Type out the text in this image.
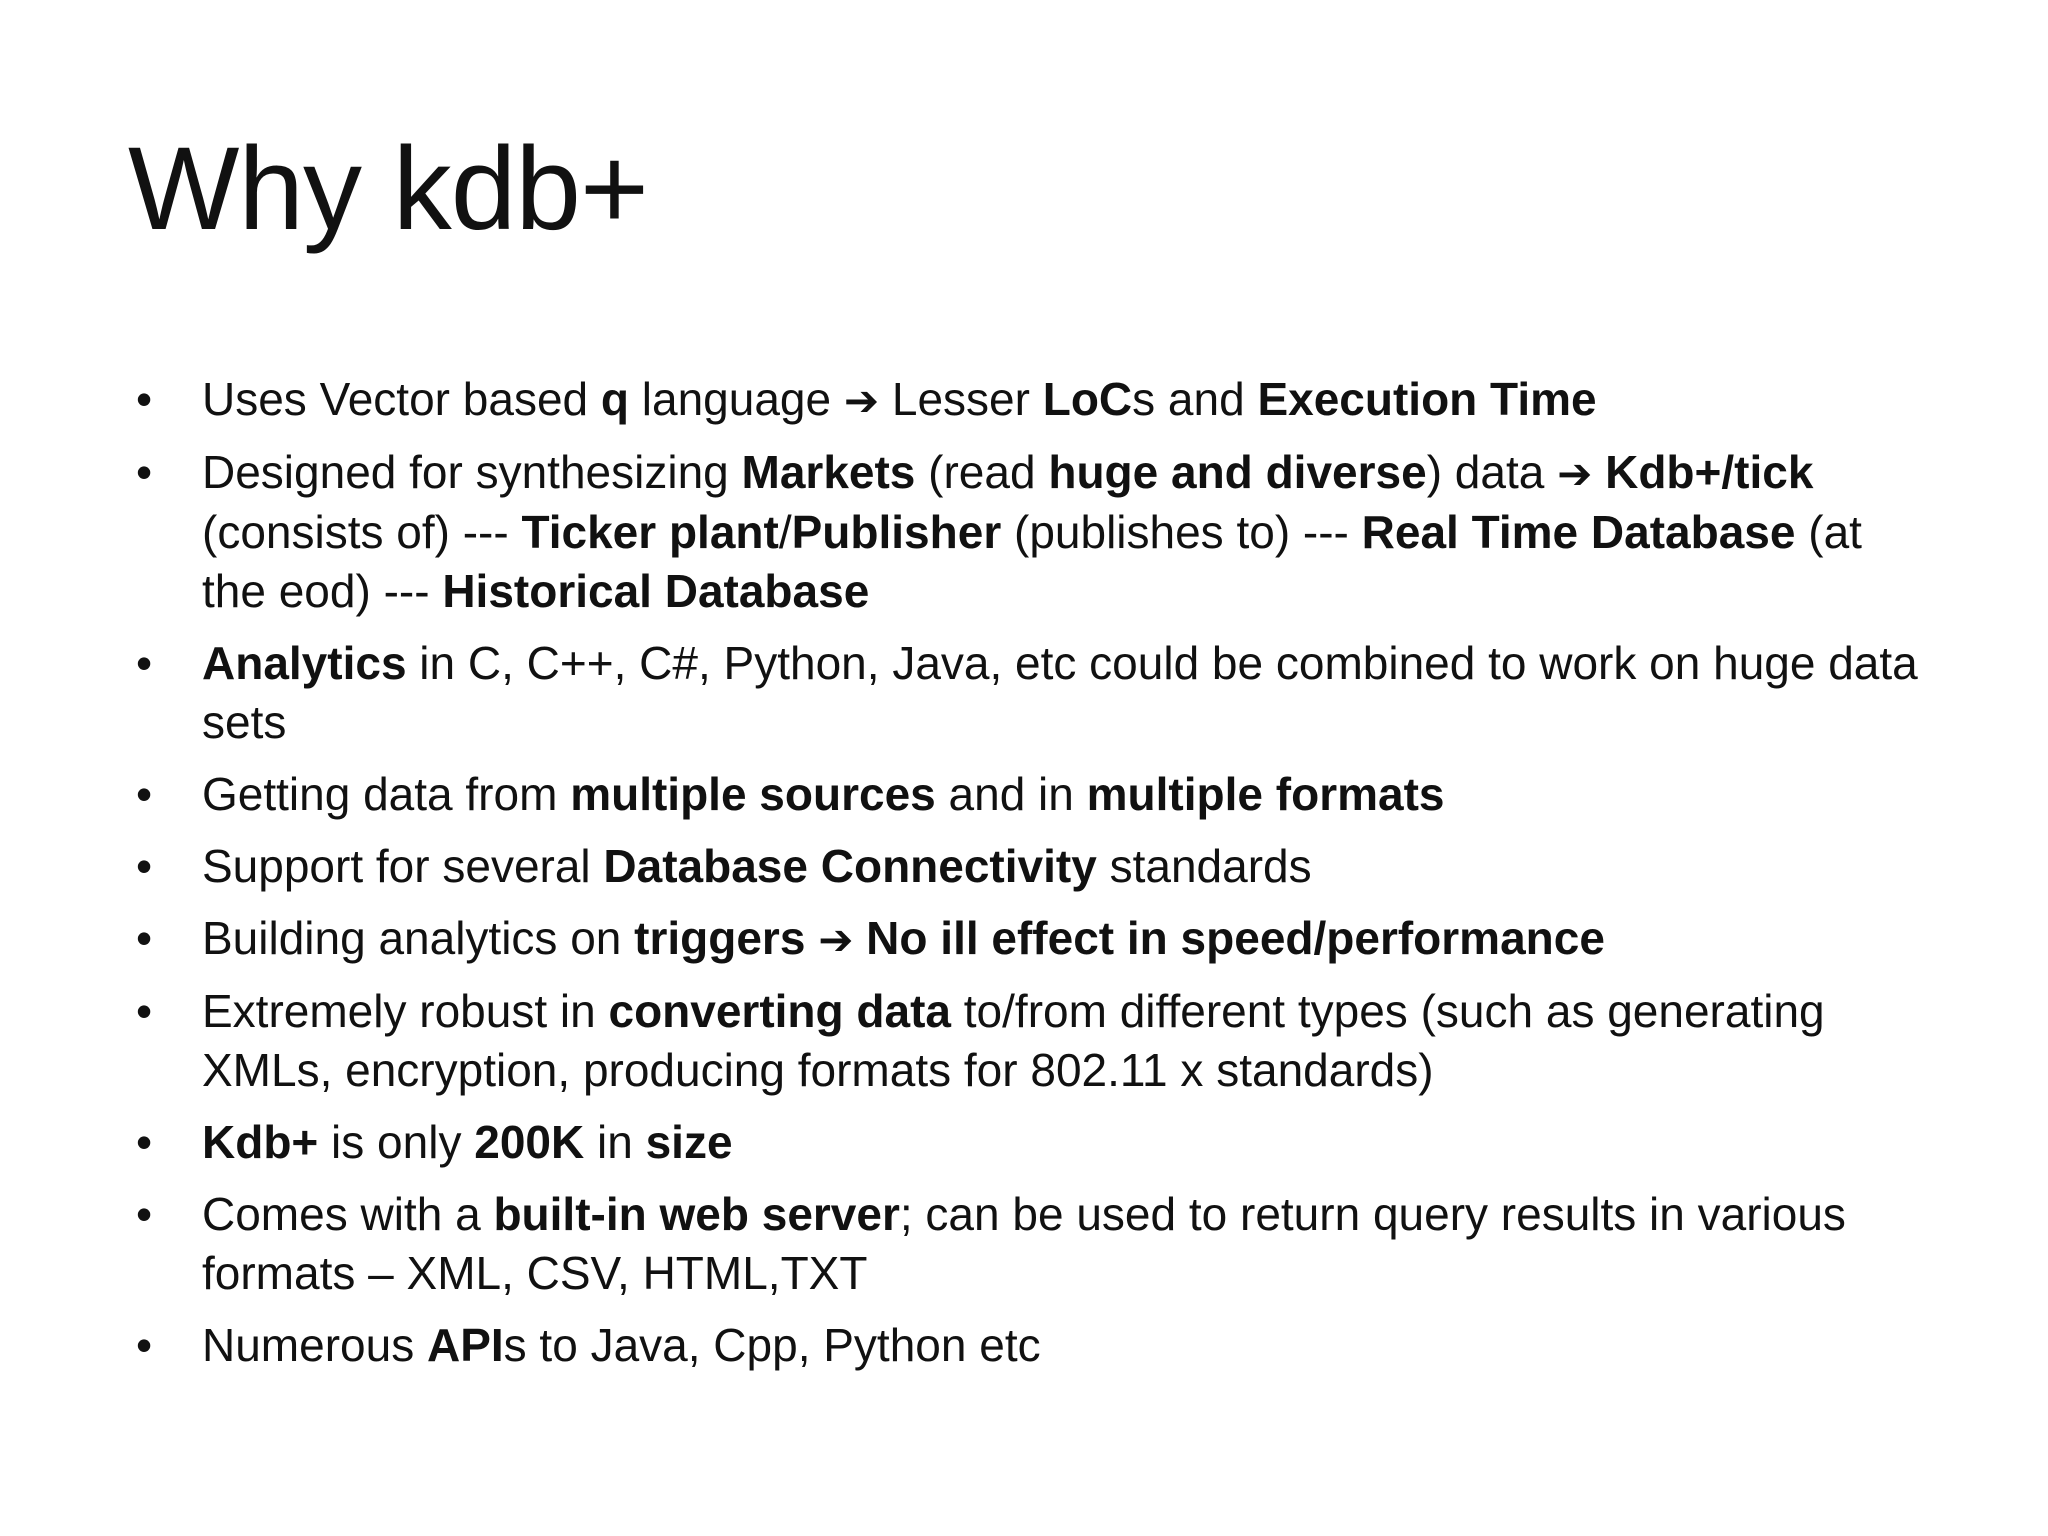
Why kdb+
• Uses Vector based q language ➔ Lesser LoCs and Execution Time
• Designed for synthesizing Markets (read huge and diverse) data ➔ Kdb+/tick (consists of) --- Ticker plant/Publisher (publishes to) --- Real Time Database (at the eod) --- Historical Database
• Analytics in C, C++, C#, Python, Java, etc could be combined to work on huge data sets
• Getting data from multiple sources and in multiple formats
• Support for several Database Connectivity standards
• Building analytics on triggers ➔ No ill effect in speed/performance
• Extremely robust in converting data to/from different types (such as generating XMLs, encryption, producing formats for 802.11 x standards)
• Kdb+ is only 200K in size
• Comes with a built-in web server; can be used to return query results in various formats – XML, CSV, HTML,TXT
• Numerous APIs to Java, Cpp, Python etc
